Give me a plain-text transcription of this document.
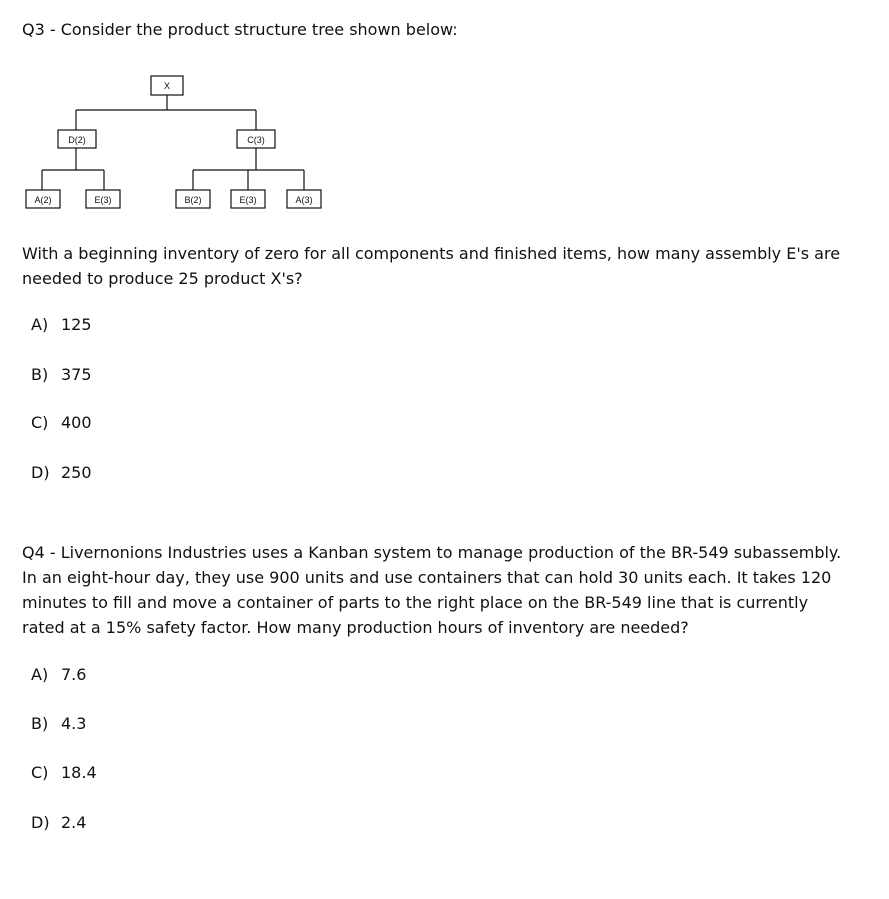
Q3 - Consider the product structure tree shown below:
X
D(2)	C(3)
A(2)	E(3)	B(2)	E(3)	A(3)

With a beginning inventory of zero for all components and finished items, how many assembly E's are needed to produce 25 product X's?

A) 125

B) 375

C) 400

D) 250

Q4 - Livernonions Industries uses a Kanban system to manage production of the BR-549 subassembly. In an eight-hour day, they use 900 units and use containers that can hold 30 units each. It takes 120 minutes to fill and move a container of parts to the right place on the BR-549 line that is currently rated at a 15% safety factor. How many production hours of inventory are needed?

A) 7.6

B) 4.3

C) 18.4

D) 2.4
